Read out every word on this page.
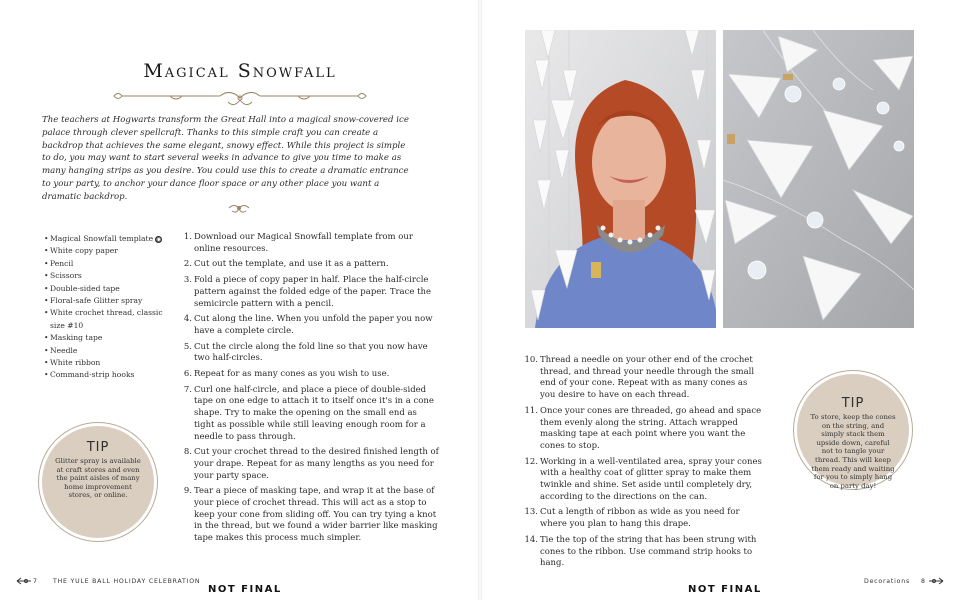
Magical Snowfall
The teachers at Hogwarts transform the Great Hall into a magical snow-covered ice palace through clever spellcraft. Thanks to this simple craft you can create a backdrop that achieves the same elegant, snowy effect. While this project is simple to do, you may want to start several weeks in advance to give you time to make as many hanging strips as you desire. You could use this to create a dramatic entrance to your party, to anchor your dance floor space or any other place you want a dramatic backdrop.
• Magical Snowfall template ◉
• White copy paper
• Pencil
• Scissors
• Double-sided tape
• Floral-safe Glitter spray
• White crochet thread, classic size #10
• Masking tape
• Needle
• White ribbon
• Command-strip hooks
1. Download our Magical Snowfall template from our online resources.
2. Cut out the template, and use it as a pattern.
3. Fold a piece of copy paper in half. Place the half-circle pattern against the folded edge of the paper. Trace the semicircle pattern with a pencil.
4. Cut along the line. When you unfold the paper you now have a complete circle.
5. Cut the circle along the fold line so that you now have two half-circles.
6. Repeat for as many cones as you wish to use.
7. Curl one half-circle, and place a piece of double-sided tape on one edge to attach it to itself once it's in a cone shape. Try to make the opening on the small end as tight as possible while still leaving enough room for a needle to pass through.
8. Cut your crochet thread to the desired finished length of your drape. Repeat for as many lengths as you need for your party space.
9. Tear a piece of masking tape, and wrap it at the base of your piece of crochet thread. This will act as a stop to keep your cone from sliding off. You can try tying a knot in the thread, but we found a wider barrier like masking tape makes this process much simpler.
TIP
Glitter spray is available at craft stores and even the paint aisles of many home improvement stores, or online.
7 THE YULE BALL HOLIDAY CELEBRATION
NOT FINAL
10. Thread a needle on your other end of the crochet thread, and thread your needle through the small end of your cone. Repeat with as many cones as you desire to have on each thread.
11. Once your cones are threaded, go ahead and space them evenly along the string. Attach wrapped masking tape at each point where you want the cones to stop.
12. Working in a well-ventilated area, spray your cones with a healthy coat of glitter spray to make them twinkle and shine. Set aside until completely dry, according to the directions on the can.
13. Cut a length of ribbon as wide as you need for where you plan to hang this drape.
14. Tie the top of the string that has been strung with cones to the ribbon. Use command strip hooks to hang.
TIP
To store, keep the cones on the string, and simply stack them upside down, careful not to tangle your thread. This will keep them ready and waiting for you to simply hang on party day!
Decorations 8
NOT FINAL
